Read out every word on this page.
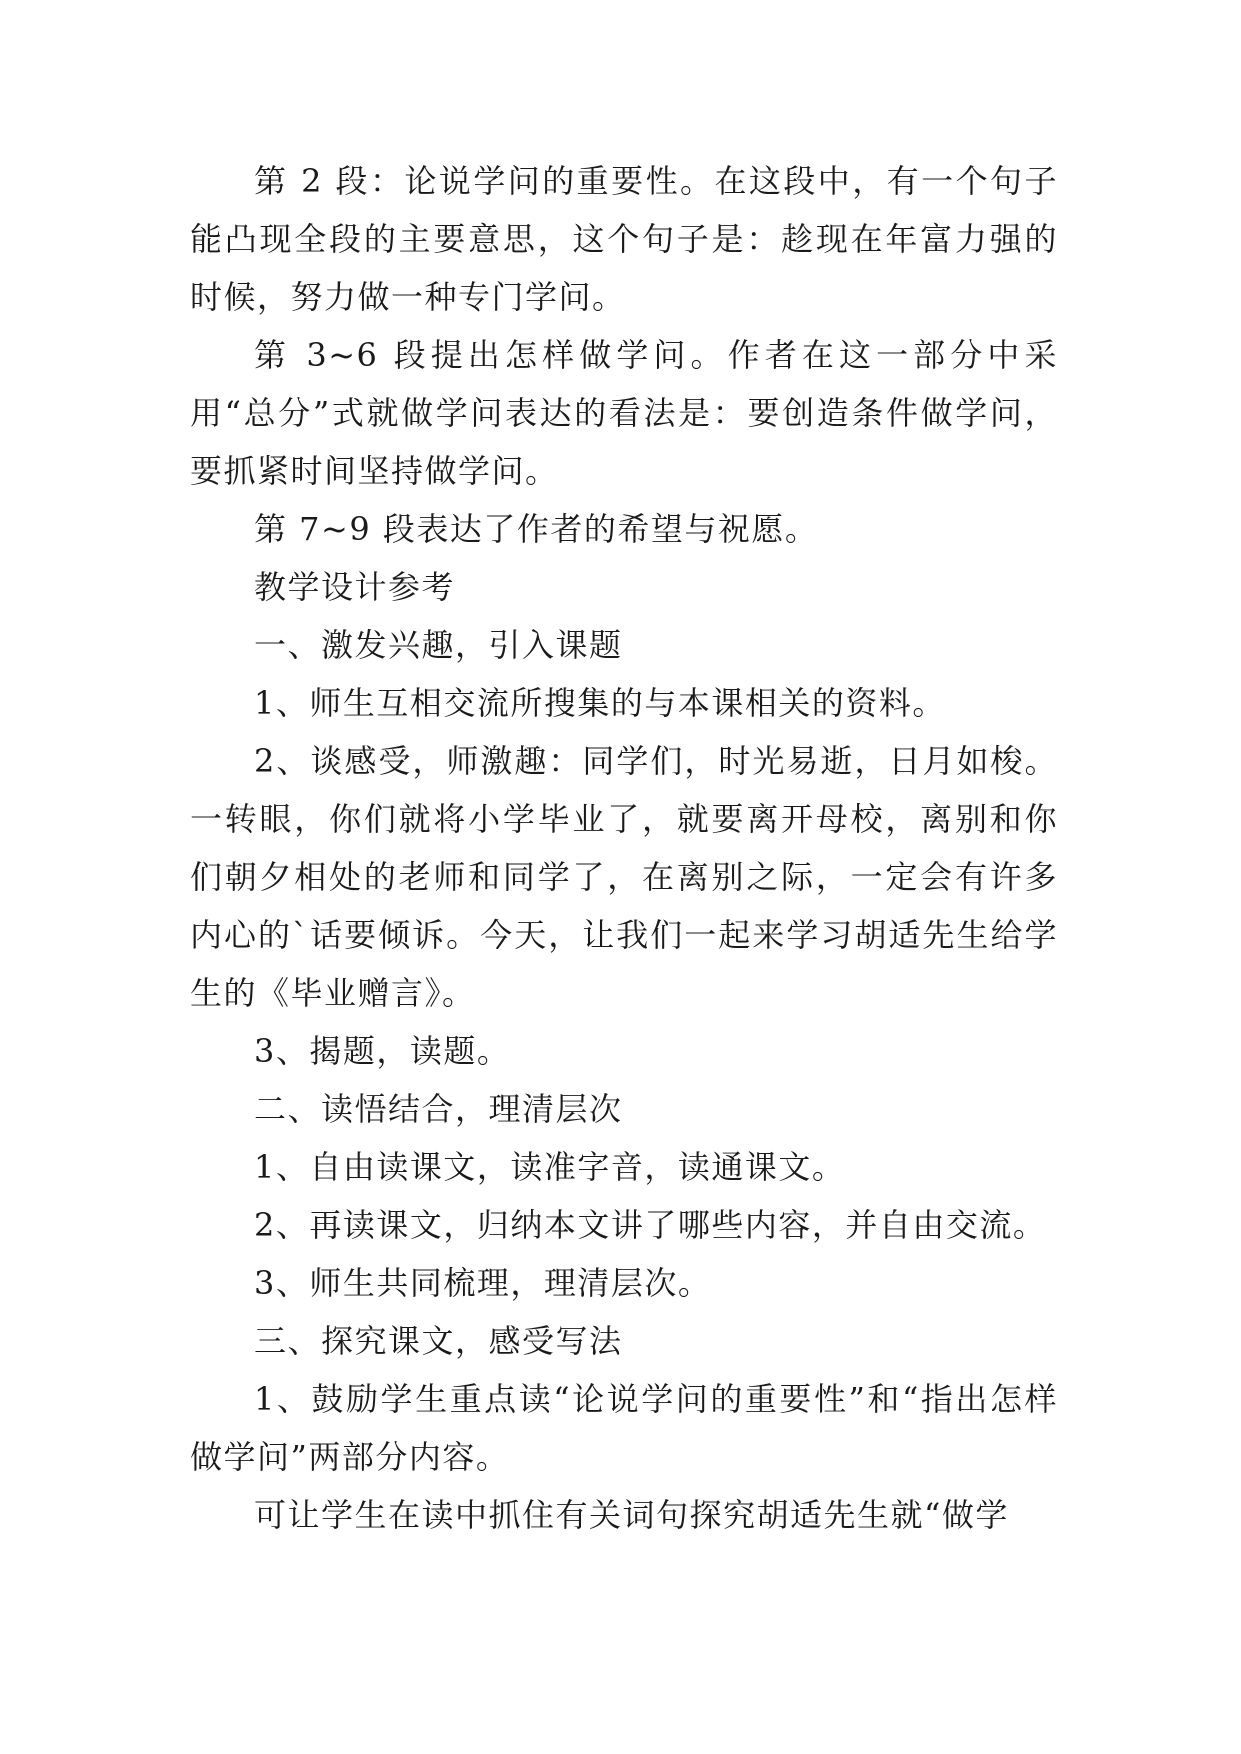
第 2 段：论说学问的重要性。在这段中，有一个句子能凸现全段的主要意思，这个句子是：趁现在年富力强的时候，努力做一种专门学问。

第 3~6 段提出怎样做学问。作者在这一部分中采用“总分”式就做学问表达的看法是：要创造条件做学问，要抓紧时间坚持做学问。

第 7~9 段表达了作者的希望与祝愿。

教学设计参考

一、激发兴趣，引入课题

1、师生互相交流所搜集的与本课相关的资料。

2、谈感受，师激趣：同学们，时光易逝，日月如梭。一转眼，你们就将小学毕业了，就要离开母校，离别和你们朝夕相处的老师和同学了，在离别之际，一定会有许多内心的`话要倾诉。今天，让我们一起来学习胡适先生给学生的《毕业赠言》。

3、揭题，读题。

二、读悟结合，理清层次

1、自由读课文，读准字音，读通课文。

2、再读课文，归纳本文讲了哪些内容，并自由交流。

3、师生共同梳理，理清层次。

三、探究课文，感受写法

1、鼓励学生重点读“论说学问的重要性”和“指出怎样做学问”两部分内容。

可让学生在读中抓住有关词句探究胡适先生就“做学
